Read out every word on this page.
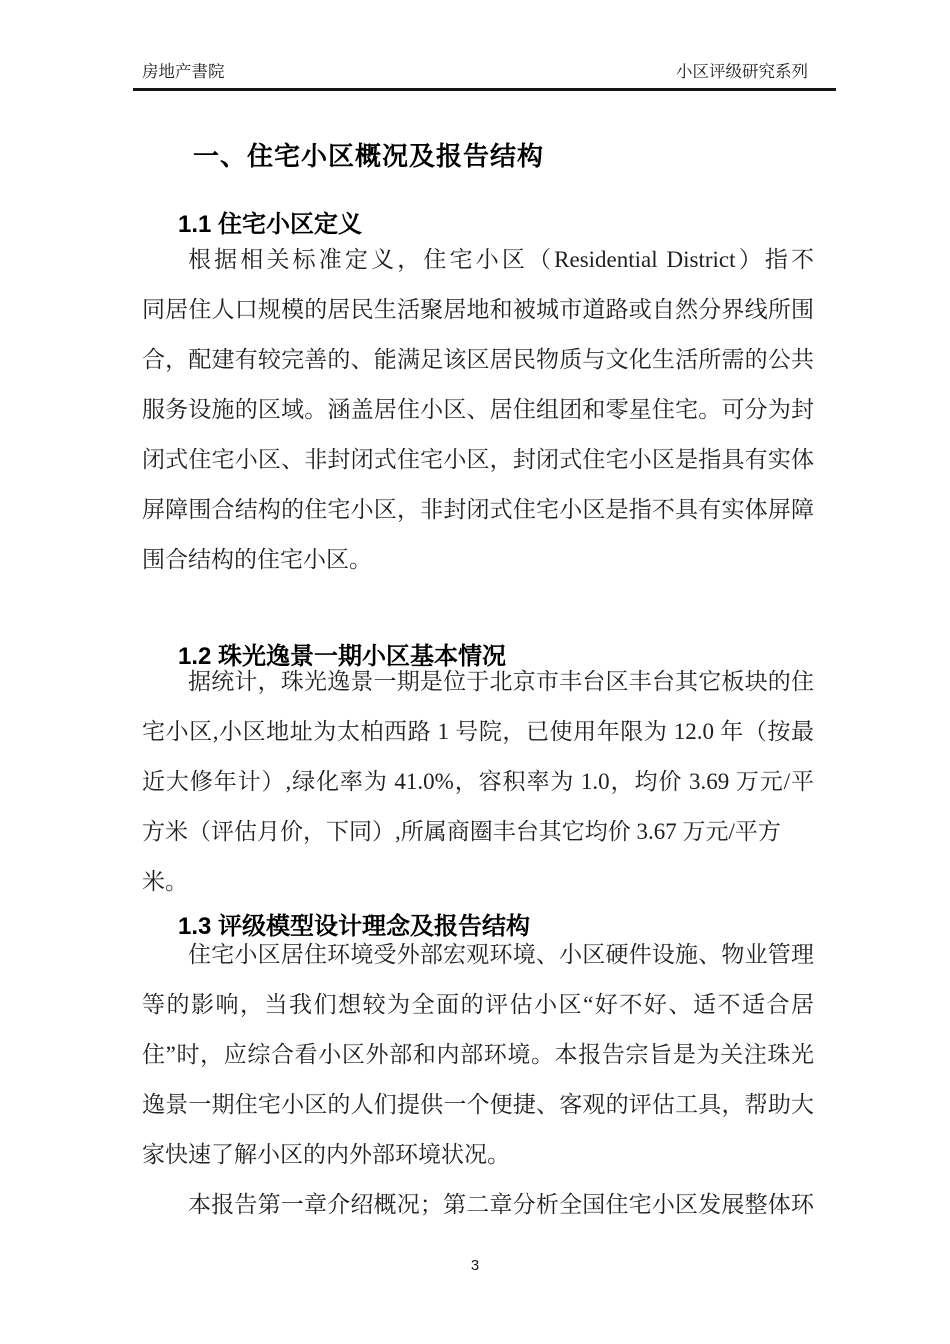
房地产書院	小区评级研究系列
一、住宅小区概况及报告结构
1.1 住宅小区定义
根据相关标准定义，住宅小区（Residential District）指不
同居住人口规模的居民生活聚居地和被城市道路或自然分界线所围
合，配建有较完善的、能满足该区居民物质与文化生活所需的公共
服务设施的区域。涵盖居住小区、居住组团和零星住宅。可分为封
闭式住宅小区、非封闭式住宅小区，封闭式住宅小区是指具有实体
屏障围合结构的住宅小区，非封闭式住宅小区是指不具有实体屏障
围合结构的住宅小区。
1.2 珠光逸景一期小区基本情况
据统计，珠光逸景一期是位于北京市丰台区丰台其它板块的住
宅小区,小区地址为太柏西路 1 号院，已使用年限为 12.0 年（按最
近大修年计）,绿化率为 41.0%，容积率为 1.0，均价 3.69 万元/平
方米（评估月价，下同）,所属商圈丰台其它均价 3.67 万元/平方米。
1.3 评级模型设计理念及报告结构
住宅小区居住环境受外部宏观环境、小区硬件设施、物业管理
等的影响，当我们想较为全面的评估小区“好不好、适不适合居
住”时，应综合看小区外部和内部环境。本报告宗旨是为关注珠光
逸景一期住宅小区的人们提供一个便捷、客观的评估工具，帮助大
家快速了解小区的内外部环境状况。
本报告第一章介绍概况；第二章分析全国住宅小区发展整体环
3
